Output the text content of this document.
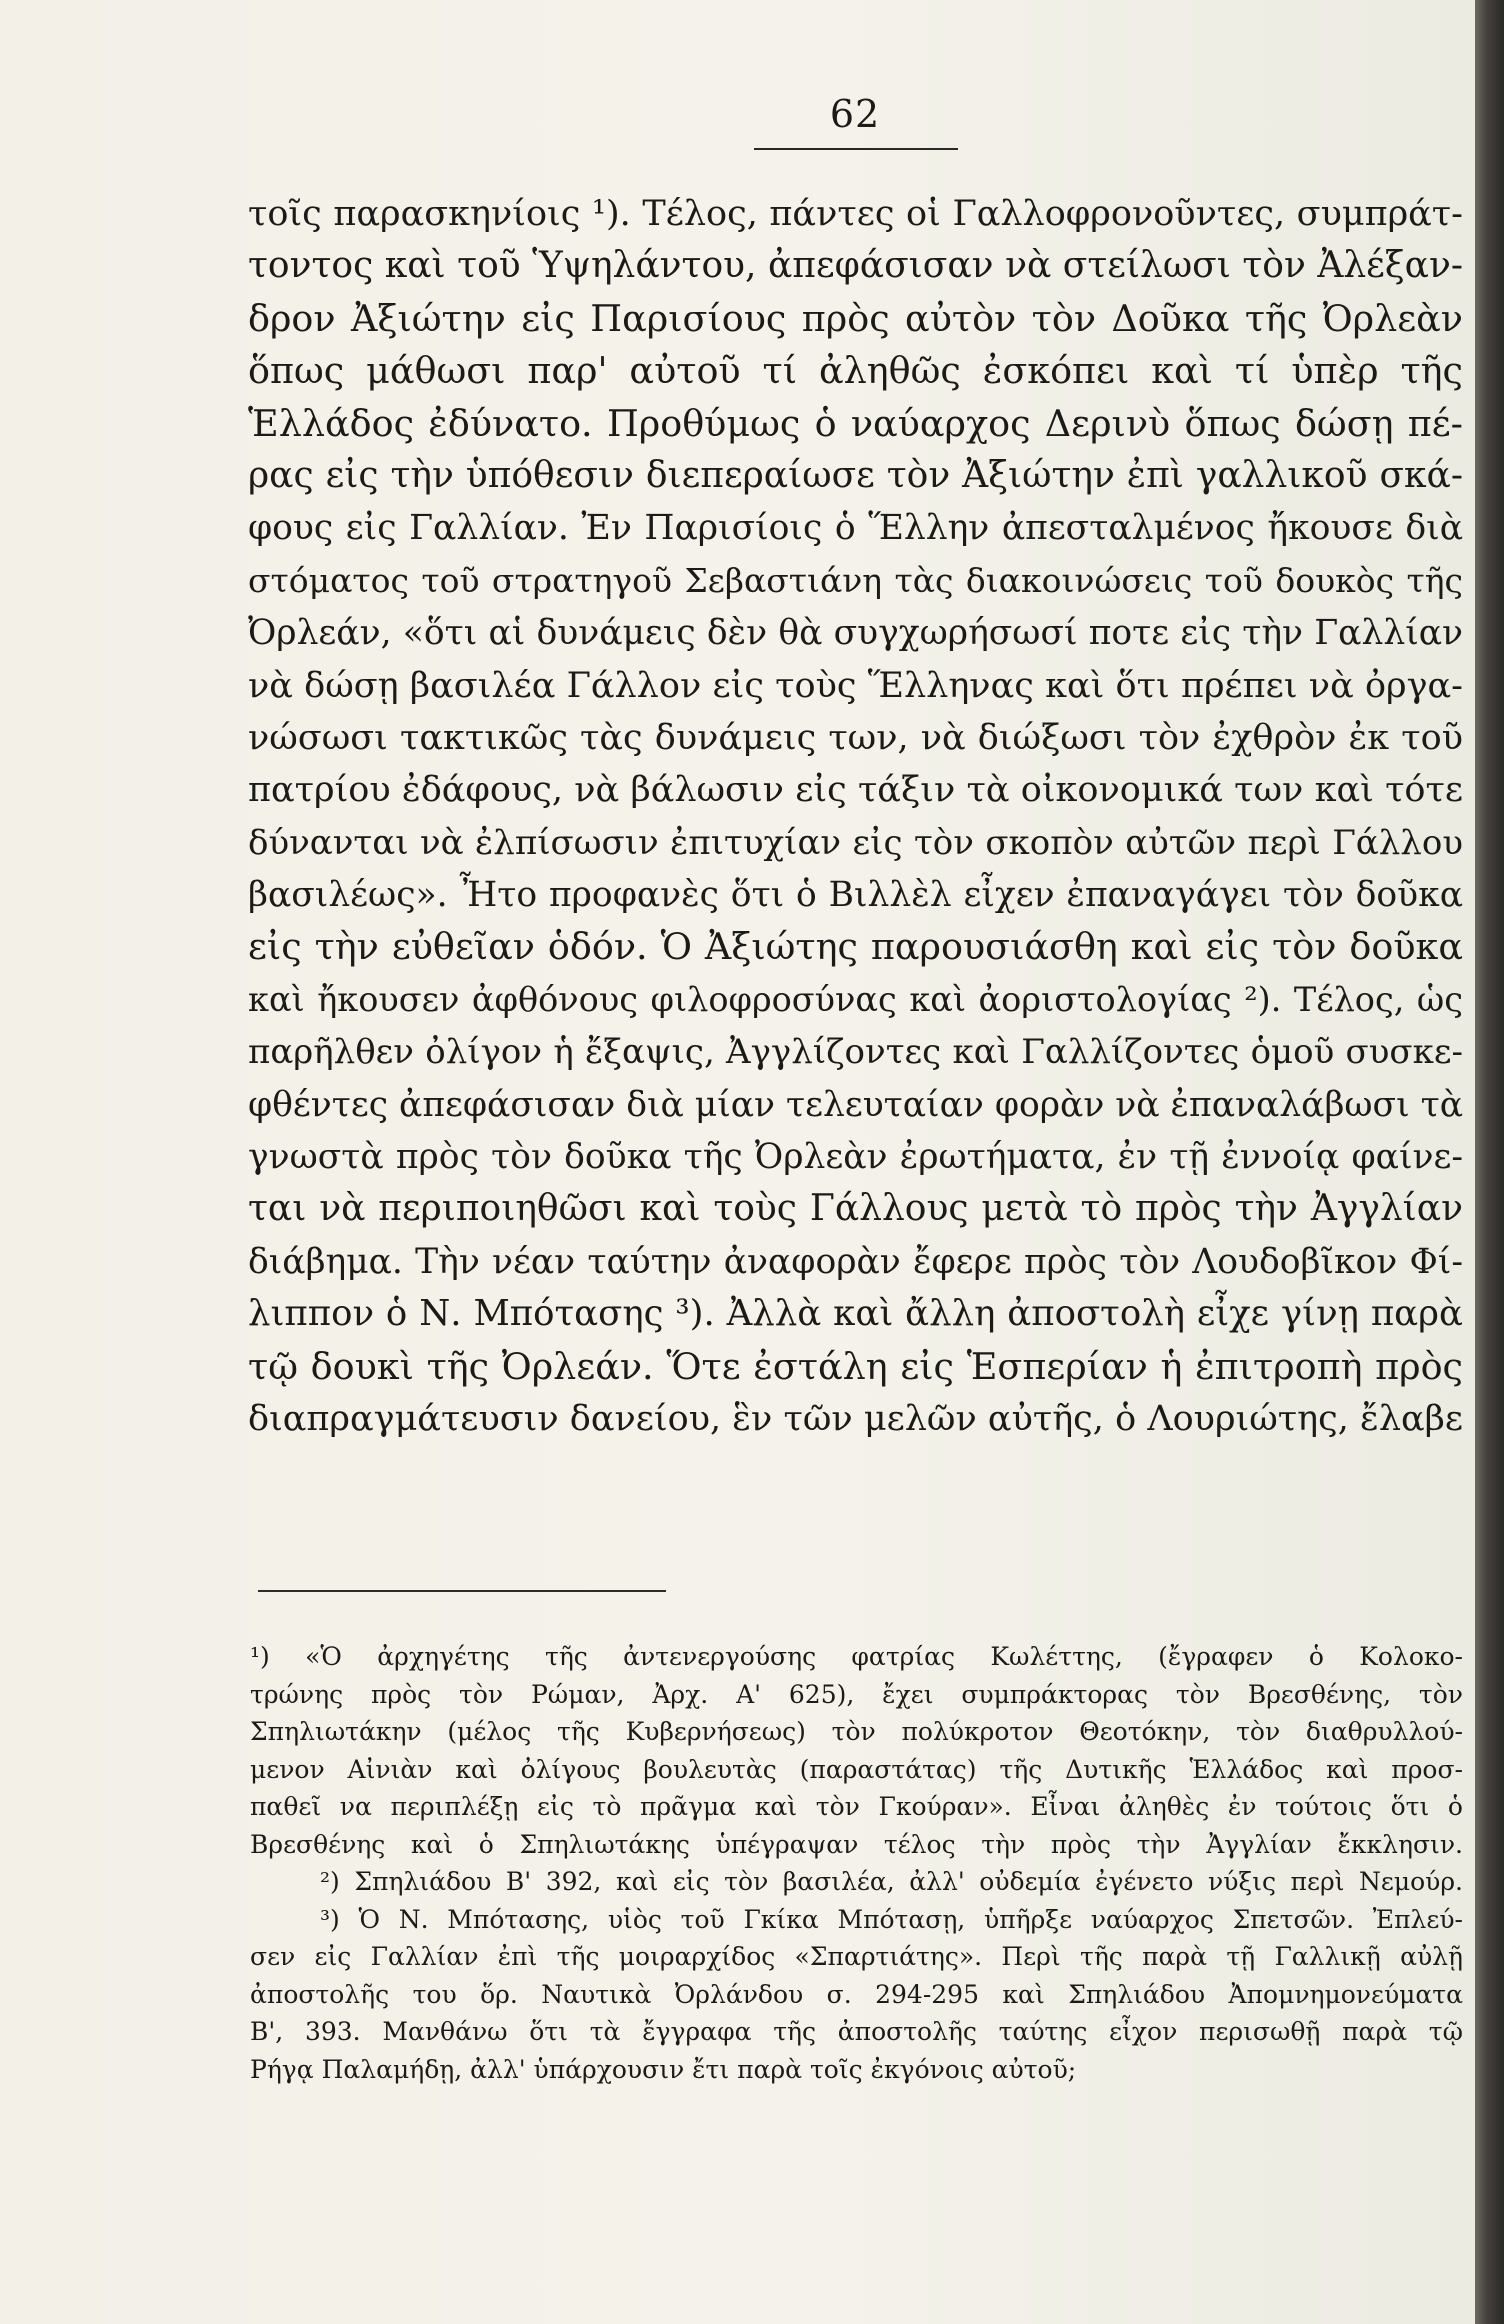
62
τοῖς παρασκηνίοις ¹). Τέλος, πάντες οἱ Γαλλοφρονοῦντες, συμπράτ-
τοντος καὶ τοῦ Ὑψηλάντου, ἀπεφάσισαν νὰ στείλωσι τὸν Ἀλέξαν-
δρον Ἀξιώτην εἰς Παρισίους πρὸς αὐτὸν τὸν Δοῦκα τῆς Ὀρλεὰν
ὅπως μάθωσι παρ' αὐτοῦ τί ἀληθῶς ἐσκόπει καὶ τί ὑπὲρ τῆς
Ἑλλάδος ἐδύνατο. Προθύμως ὁ ναύαρχος Δερινὺ ὅπως δώσῃ πέ-
ρας εἰς τὴν ὑπόθεσιν διεπεραίωσε τὸν Ἀξιώτην ἐπὶ γαλλικοῦ σκά-
φους εἰς Γαλλίαν. Ἐν Παρισίοις ὁ Ἕλλην ἀπεσταλμένος ἤκουσε διὰ
στόματος τοῦ στρατηγοῦ Σεβαστιάνη τὰς διακοινώσεις τοῦ δουκὸς τῆς
Ὀρλεάν, «ὅτι αἱ δυνάμεις δὲν θὰ συγχωρήσωσί ποτε εἰς τὴν Γαλλίαν
νὰ δώσῃ βασιλέα Γάλλον εἰς τοὺς Ἕλληνας καὶ ὅτι πρέπει νὰ ὀργα-
νώσωσι τακτικῶς τὰς δυνάμεις των, νὰ διώξωσι τὸν ἐχθρὸν ἐκ τοῦ
πατρίου ἐδάφους, νὰ βάλωσιν εἰς τάξιν τὰ οἰκονομικά των καὶ τότε
δύνανται νὰ ἐλπίσωσιν ἐπιτυχίαν εἰς τὸν σκοπὸν αὐτῶν περὶ Γάλλου
βασιλέως». Ἦτο προφανὲς ὅτι ὁ Βιλλὲλ εἶχεν ἐπαναγάγει τὸν δοῦκα
εἰς τὴν εὐθεῖαν ὁδόν. Ὁ Ἀξιώτης παρουσιάσθη καὶ εἰς τὸν δοῦκα
καὶ ἤκουσεν ἀφθόνους φιλοφροσύνας καὶ ἀοριστολογίας ²). Τέλος, ὡς
παρῆλθεν ὀλίγον ἡ ἔξαψις, Ἀγγλίζοντες καὶ Γαλλίζοντες ὁμοῦ συσκε-
φθέντες ἀπεφάσισαν διὰ μίαν τελευταίαν φορὰν νὰ ἐπαναλάβωσι τὰ
γνωστὰ πρὸς τὸν δοῦκα τῆς Ὀρλεὰν ἐρωτήματα, ἐν τῇ ἐννοίᾳ φαίνε-
ται νὰ περιποιηθῶσι καὶ τοὺς Γάλλους μετὰ τὸ πρὸς τὴν Ἀγγλίαν
διάβημα. Τὴν νέαν ταύτην ἀναφορὰν ἔφερε πρὸς τὸν Λουδοβῖκον Φί-
λιππον ὁ Ν. Μπότασης ³). Ἀλλὰ καὶ ἄλλη ἀποστολὴ εἶχε γίνῃ παρὰ
τῷ δουκὶ τῆς Ὀρλεάν. Ὅτε ἐστάλη εἰς Ἑσπερίαν ἡ ἐπιτροπὴ πρὸς
διαπραγμάτευσιν δανείου, ἓν τῶν μελῶν αὐτῆς, ὁ Λουριώτης, ἔλαβε
¹) «Ὁ ἀρχηγέτης τῆς ἀντενεργούσης φατρίας Κωλέττης, (ἔγραφεν ὁ Κολοκο-
τρώνης πρὸς τὸν Ρώμαν, Ἀρχ. Α' 625), ἔχει συμπράκτορας τὸν Βρεσθένης, τὸν
Σπηλιωτάκην (μέλος τῆς Κυβερνήσεως) τὸν πολύκροτον Θεοτόκην, τὸν διαθρυλλού-
μενον Αἰνιὰν καὶ ὀλίγους βουλευτὰς (παραστάτας) τῆς Δυτικῆς Ἑλλάδος καὶ προσ-
παθεῖ να περιπλέξῃ εἰς τὸ πρᾶγμα καὶ τὸν Γκούραν». Εἶναι ἀληθὲς ἐν τούτοις ὅτι ὁ
Βρεσθένης καὶ ὁ Σπηλιωτάκης ὑπέγραψαν τέλος τὴν πρὸς τὴν Ἀγγλίαν ἔκκλησιν.
²) Σπηλιάδου Β' 392, καὶ εἰς τὸν βασιλέα, ἀλλ' οὐδεμία ἐγένετο νύξις περὶ Νεμούρ.
³) Ὁ Ν. Μπότασης, υἱὸς τοῦ Γκίκα Μπότασῃ, ὑπῆρξε ναύαρχος Σπετσῶν. Ἐπλεύ-
σεν εἰς Γαλλίαν ἐπὶ τῆς μοιραρχίδος «Σπαρτιάτης». Περὶ τῆς παρὰ τῇ Γαλλικῇ αὐλῇ
ἀποστολῆς του ὅρ. Ναυτικὰ Ὀρλάνδου σ. 294-295 καὶ Σπηλιάδου Ἀπομνημονεύματα
Β', 393. Μανθάνω ὅτι τὰ ἔγγραφα τῆς ἀποστολῆς ταύτης εἶχον περισωθῇ παρὰ τῷ
Ρήγᾳ Παλαμήδῃ, ἀλλ' ὑπάρχουσιν ἔτι παρὰ τοῖς ἐκγόνοις αὐτοῦ;
